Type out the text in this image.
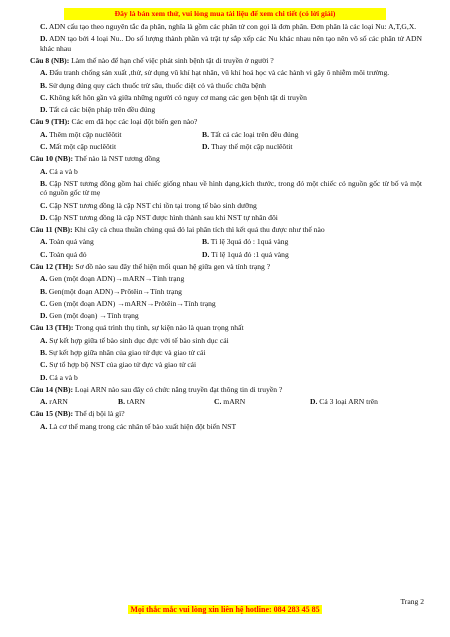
Đây là bản xem thử, vui lòng mua tài liệu để xem chi tiết (có lời giải)

C. ADN cấu tạo theo nguyên tắc đa phân, nghĩa là gồm các phân tử con gọi là đơn phân. Đơn phân là các loại Nu: A,T,G,X.

D. ADN tạo bởi 4 loại Nu.. Do số lượng thành phần và trật tự sắp xếp các Nu khác nhau nên tạo nên vô số các phân tử ADN khác nhau

Câu 8 (NB): Làm thế nào để hạn chế việc phát sinh bệnh tật di truyền ở người ?

A. Đấu tranh chống sản xuất ,thử, sử dụng vũ khí hạt nhân, vũ khí hoá học và các hành vi gây ô nhiễm môi trường.

B. Sử dụng đúng quy cách thuốc trừ sâu, thuốc diệt cỏ và thuốc chữa bệnh

C. Không kết hôn gần và giữa những người có nguy cơ mang các gen bệnh tật di truyền

D. Tất cả các biện pháp trên đều đúng

Câu 9 (TH): Các em đã học các loại đột biến gen nào?

A. Thêm một cặp nuclêôtit	B. Tất cả các loại trên đều đúng
C. Mất một cặp nuclêôtit	D. Thay thế một cặp nuclêôtit

Câu 10 (NB): Thế nào là NST tương đồng

A. Cả a và b

B. Cặp NST tương đồng gồm hai chiếc giống nhau về hình dạng,kích thước, trong đó một chiếc có nguồn gốc từ bố và một có nguồn gốc từ mẹ

C. Cặp NST tương đồng là cặp NST chỉ tồn tại trong tế bào sinh dưỡng

D. Cặp NST tương đồng là cặp NST được hình thành sau khi NST tự nhân đôi

Câu 11 (NB): Khi cây cà chua thuần chủng quả đỏ lai phân tích thì kết quả thu được như thế nào

A. Toàn quả vàng	B. Tỉ lệ 3quả đỏ : 1quả vàng
C. Toàn quả đỏ	D. Tỉ lệ 1quả đỏ :1 quả vàng

Câu 12 (TH): Sơ đồ nào sau đây thể hiện mối quan hệ giữa gen và tính trạng ?

A. Gen (một đoạn ADN)→mARN→Tính trạng

B. Gen(một đoạn ADN)→Prôtêin→Tính trạng

C. Gen (một đoạn ADN) →mARN→Prôtêin→Tính trạng

D. Gen (một đoạn) →Tính trạng

Câu 13 (TH): Trong quá trình thụ tinh, sự kiện nào là quan trọng nhất

A. Sự kết hợp giữa tế bào sinh dục đực với tế bào sinh dục cái

B. Sự kết hợp giữa nhân của giao tử đực và giao tử cái

C. Sự tổ hợp bộ NST của giao tử đực và giao tử cái

D. Cả a và b

Câu 14 (NB): Loại ARN nào sau đây có chức năng truyền đạt thông tin di truyền ?

A. rARN	B. tARN	C. mARN	D. Cả 3 loại ARN trên

Câu 15 (NB): Thể dị bội là gì?

A. Là cơ thể mang trong các nhân tế bào xuất hiện đột biến NST

Trang 2
Mọi thắc mắc vui lòng xin liên hệ hotline: 084 283 45 85
